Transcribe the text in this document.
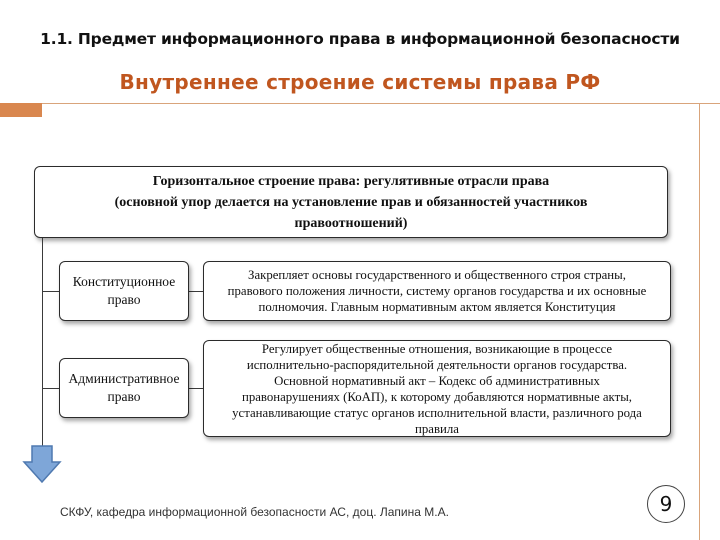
1.1. Предмет информационного права в информационной безопасности
Внутреннее строение системы права РФ
Горизонтальное строение права: регулятивные отрасли права
(основной упор делается на установление прав и обязанностей участников
правоотношений)
Конституционное
право
Закрепляет основы государственного и общественного строя страны,
правового положения личности, систему органов государства и их основные
полномочия. Главным нормативным актом является Конституция
Административное
право
Регулирует общественные отношения, возникающие в процессе
исполнительно-распорядительной деятельности органов государства.
Основной нормативный акт – Кодекс об административных
правонарушениях (КоАП), к которому добавляются нормативные акты,
устанавливающие статус органов исполнительной власти, различного рода
правила
СКФУ, кафедра информационной безопасности АС, доц. Лапина М.А.	9
